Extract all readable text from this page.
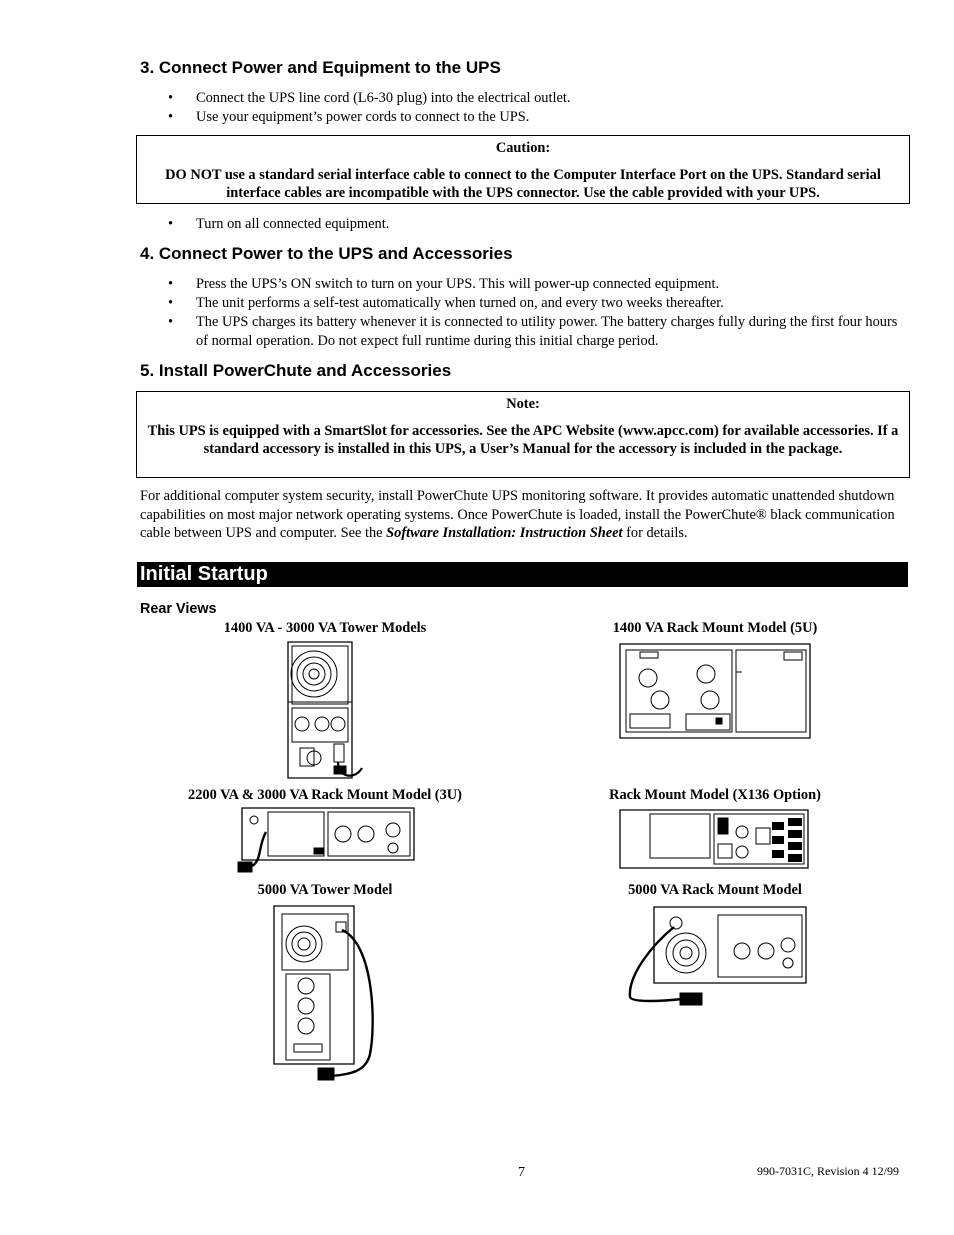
3. Connect Power and Equipment to the UPS
• Connect the UPS line cord (L6-30 plug) into the electrical outlet.
• Use your equipment’s power cords to connect to the UPS.
Caution:
DO NOT use a standard serial interface cable to connect to the Computer Interface Port on the UPS. Standard serial interface cables are incompatible with the UPS connector. Use the cable provided with your UPS.
• Turn on all connected equipment.
4. Connect Power to the UPS and Accessories
• Press the UPS’s ON switch to turn on your UPS. This will power-up connected equipment.
• The unit performs a self-test automatically when turned on, and every two weeks thereafter.
• The UPS charges its battery whenever it is connected to utility power. The battery charges fully during the first four hours of normal operation. Do not expect full runtime during this initial charge period.
5. Install PowerChute and Accessories
Note:
This UPS is equipped with a SmartSlot for accessories. See the APC Website (www.apcc.com) for available accessories. If a standard accessory is installed in this UPS, a User’s Manual for the accessory is included in the package.

For additional computer system security, install PowerChute UPS monitoring software. It provides automatic unattended shutdown capabilities on most major network operating systems. Once PowerChute is loaded, install the PowerChute® black communication cable between UPS and computer. See the Software Installation: Instruction Sheet for details.

Initial Startup
Rear Views
1400 VA - 3000 VA Tower Models	1400 VA Rack Mount Model (5U)
2200 VA & 3000 VA Rack Mount Model (3U)	Rack Mount Model (X136 Option)
5000 VA Tower Model	5000 VA Rack Mount Model
7	990-7031C, Revision 4 12/99
